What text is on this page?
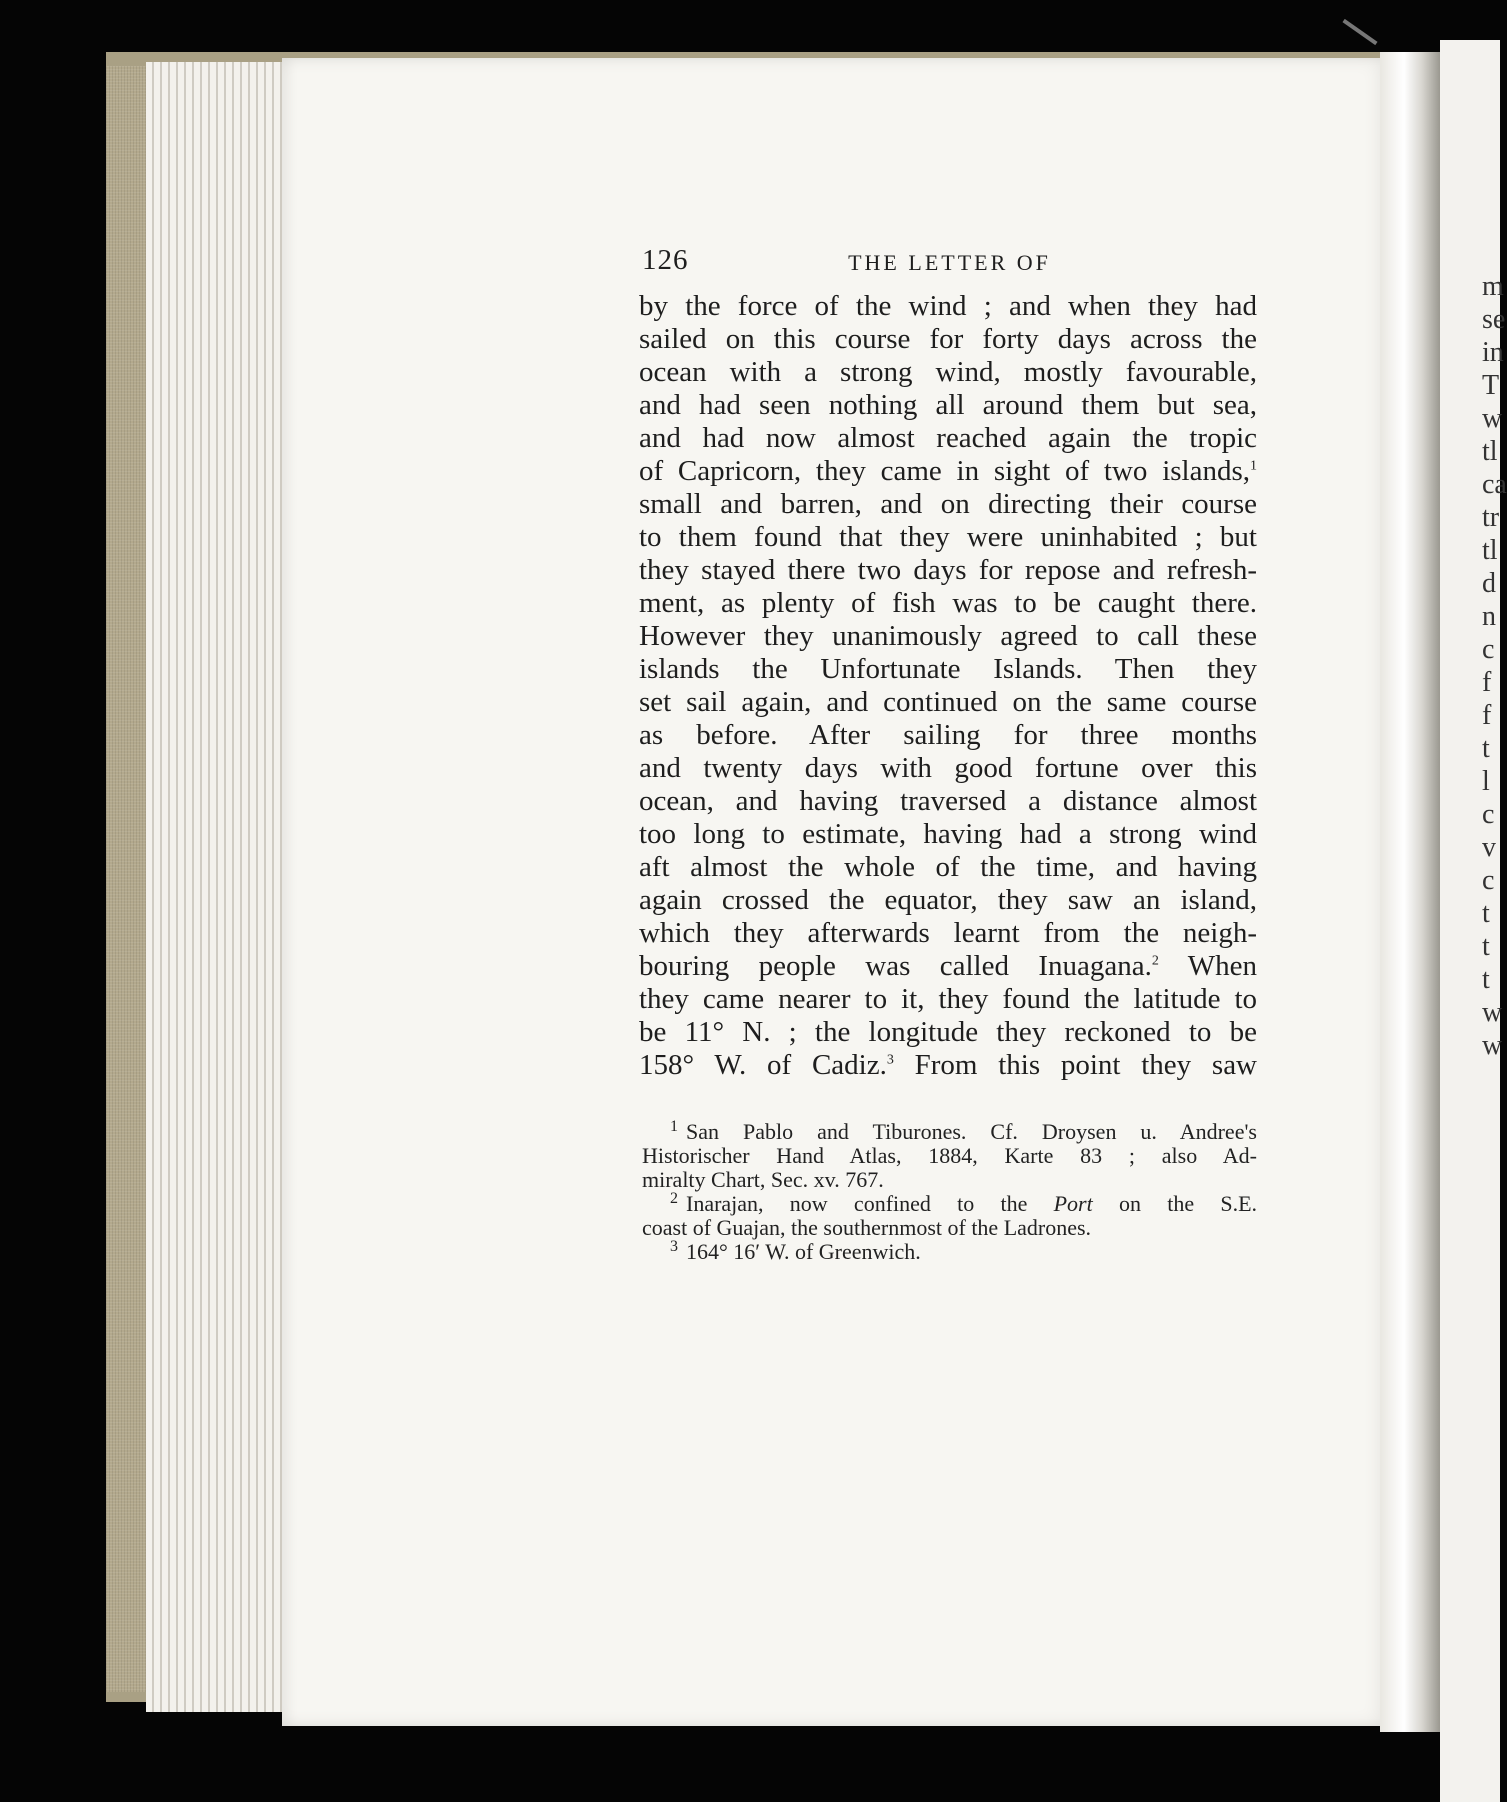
m
se
in
T
w
tl
ca
tr
tl
d
n
c
f
f
t
l
c
v
c
t
t
t
w
w
126	THE LETTER OF
by the force of the wind ; and when they had
sailed on this course for forty days across the
ocean with a strong wind, mostly favourable,
and had seen nothing all around them but sea,
and had now almost reached again the tropic
of Capricorn, they came in sight of two islands,$^1$
small and barren, and on directing their course
to them found that they were uninhabited ; but
they stayed there two days for repose and refresh-
ment, as plenty of fish was to be caught there.
However they unanimously agreed to call these
islands the Unfortunate Islands. Then they
set sail again, and continued on the same course
as before. After sailing for three months
and twenty days with good fortune over this
ocean, and having traversed a distance almost
too long to estimate, having had a strong wind
aft almost the whole of the time, and having
again crossed the equator, they saw an island,
which they afterwards learnt from the neigh-
bouring people was called Inuagana.$^2$ When
they came nearer to it, they found the latitude to
be 11° N. ; the longitude they reckoned to be
158° W. of Cadiz.$^3$ From this point they saw
$^1$ San Pablo and Tiburones. Cf. Droysen u. Andree's
Historischer Hand Atlas, 1884, Karte 83 ; also Ad-
miralty Chart, Sec. xv. 767.
$^2$ Inarajan, now confined to the Port on the S.E.
coast of Guajan, the southernmost of the Ladrones.
$^3$ 164° 16′ W. of Greenwich.
